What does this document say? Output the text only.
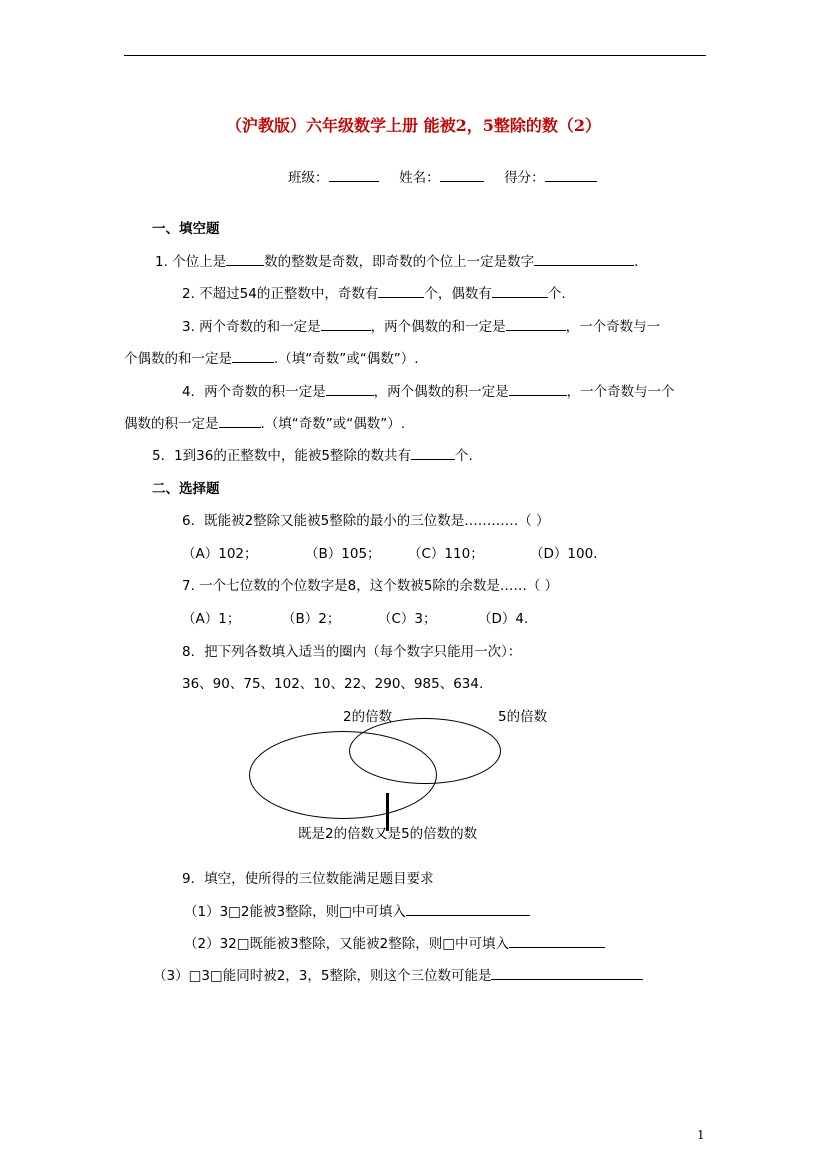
（沪教版）六年级数学上册 能被2，5整除的数（2）
班级：	姓名：	得分：
一、填空题
1. 个位上是	数的整数是奇数，即奇数的个位上一定是数字	.
2. 不超过54的正整数中，奇数有	个，偶数有	个.
3. 两个奇数的和一定是	，两个偶数的和一定是	，一个奇数与一
个偶数的和一定是	.（填“奇数”或“偶数”）.
4．两个奇数的积一定是	，两个偶数的积一定是	，一个奇数与一个
偶数的积一定是	.（填“奇数”或“偶数”）.
5．1到36的正整数中，能被5整除的数共有	个.
二、选择题
6．既能被2整除又能被5整除的最小的三位数是…………（ ）
（A）102；	（B）105； （C）110；	（D）100.
7. 一个七位数的个位数字是8，这个数被5除的余数是……（ ）
（A）1；	（B）2；	（C）3；	（D）4.
8．把下列各数填入适当的圈内（每个数字只能用一次）：
36、90、75、102、10、22、290、985、634.
2的倍数	5的倍数
既是2的倍数又是5的倍数的数
9．填空，使所得的三位数能满足题目要求
（1）3□2能被3整除，则□中可填入
（2）32□既能被3整除，又能被2整除，则□中可填入
（3）□3□能同时被2，3，5整除，则这个三位数可能是
1
